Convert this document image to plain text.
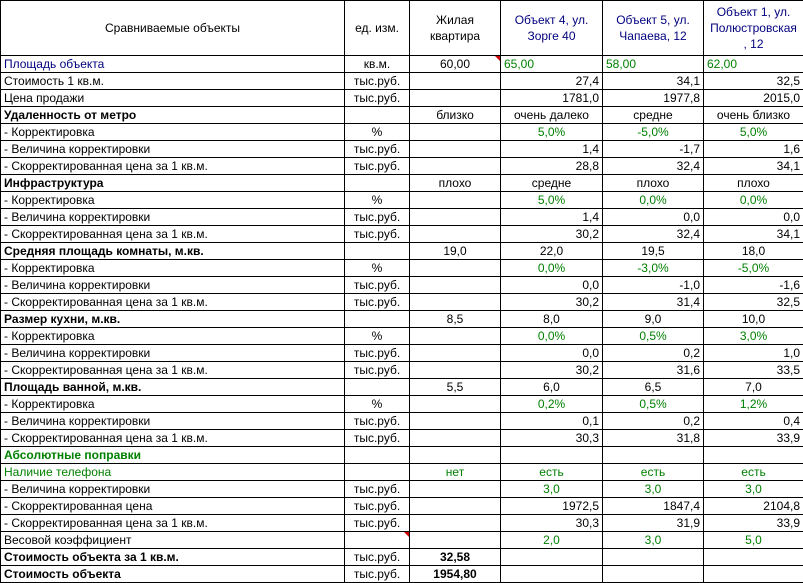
Сравниваемые объекты	ед. изм.	Жилая квартира	Объект 4, ул. Зорге 40	Объект 5, ул. Чапаева, 12	Объект 1, ул. Полюстровская , 12
Площадь объекта	кв.м.	60,00	65,00	58,00	62,00
Стоимость 1 кв.м.	тыс.руб.		27,4	34,1	32,5
Цена продажи	тыс.руб.		1781,0	1977,8	2015,0
Удаленность от метро		близко	очень далеко	средне	очень близко
- Корректировка	%		5,0%	-5,0%	5,0%
- Величина корректировки	тыс.руб.		1,4	-1,7	1,6
- Скорректированная цена за 1 кв.м.	тыс.руб.		28,8	32,4	34,1
Инфраструктура		плохо	средне	плохо	плохо
- Корректировка	%		5,0%	0,0%	0,0%
- Величина корректировки	тыс.руб.		1,4	0,0	0,0
- Скорректированная цена за 1 кв.м.	тыс.руб.		30,2	32,4	34,1
Средняя площадь комнаты, м.кв.		19,0	22,0	19,5	18,0
- Корректировка	%		0,0%	-3,0%	-5,0%
- Величина корректировки	тыс.руб.		0,0	-1,0	-1,6
- Скорректированная цена за 1 кв.м.	тыс.руб.		30,2	31,4	32,5
Размер кухни, м.кв.		8,5	8,0	9,0	10,0
- Корректировка	%		0,0%	0,5%	3,0%
- Величина корректировки	тыс.руб.		0,0	0,2	1,0
- Скорректированная цена за 1 кв.м.	тыс.руб.		30,2	31,6	33,5
Площадь ванной, м.кв.		5,5	6,0	6,5	7,0
- Корректировка	%		0,2%	0,5%	1,2%
- Величина корректировки	тыс.руб.		0,1	0,2	0,4
- Скорректированная цена за 1 кв.м.	тыс.руб.		30,3	31,8	33,9
Абсолютные поправки					
Наличие телефона		нет	есть	есть	есть
- Величина корректировки	тыс.руб.		3,0	3,0	3,0
- Скорректированная цена	тыс.руб.		1972,5	1847,4	2104,8
- Скорректированная цена за 1 кв.м.	тыс.руб.		30,3	31,9	33,9
Весовой коэффициент			2,0	3,0	5,0
Стоимость объекта за 1 кв.м.	тыс.руб.	32,58			
Стоимость объекта	тыс.руб.	1954,80			
